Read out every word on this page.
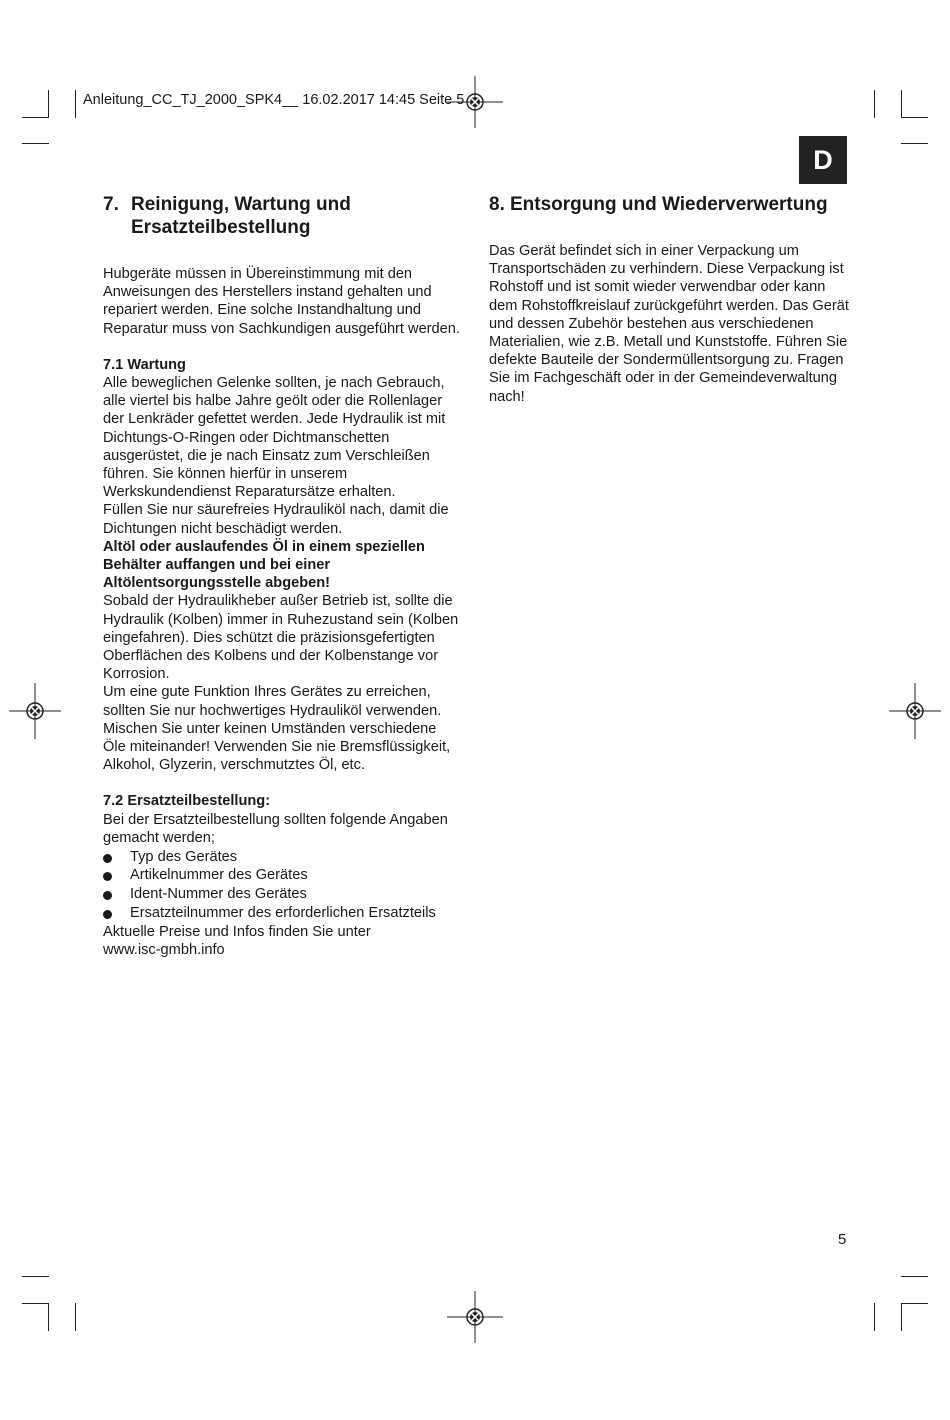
Anleitung_CC_TJ_2000_SPK4__ 16.02.2017 14:45 Seite 5
D
7. Reinigung, Wartung und Ersatzteilbestellung

Hubgeräte müssen in Übereinstimmung mit den Anweisungen des Herstellers instand gehalten und repariert werden. Eine solche Instandhaltung und Reparatur muss von Sachkundigen ausgeführt werden.

7.1 Wartung

Alle beweglichen Gelenke sollten, je nach Gebrauch, alle viertel bis halbe Jahre geölt oder die Rollenlager der Lenkräder gefettet werden. Jede Hydraulik ist mit Dichtungs-O-Ringen oder Dichtmanschetten ausgerüstet, die je nach Einsatz zum Verschleißen führen. Sie können hierfür in unserem Werkskundendienst Reparatursätze erhalten.

Füllen Sie nur säurefreies Hydrauliköl nach, damit die Dichtungen nicht beschädigt werden.

Altöl oder auslaufendes Öl in einem speziellen Behälter auffangen und bei einer Altölentsorgungsstelle abgeben!

Sobald der Hydraulikheber außer Betrieb ist, sollte die Hydraulik (Kolben) immer in Ruhezustand sein (Kolben eingefahren). Dies schützt die präzisionsgefertigten Oberflächen des Kolbens und der Kolbenstange vor Korrosion.

Um eine gute Funktion Ihres Gerätes zu erreichen, sollten Sie nur hochwertiges Hydrauliköl verwenden. Mischen Sie unter keinen Umständen verschiedene Öle miteinander! Verwenden Sie nie Bremsflüssigkeit, Alkohol, Glyzerin, verschmutztes Öl, etc.

7.2 Ersatzteilbestellung:

Bei der Ersatzteilbestellung sollten folgende Angaben gemacht werden;

Typ des Gerätes
Artikelnummer des Gerätes
Ident-Nummer des Gerätes
Ersatzteilnummer des erforderlichen Ersatzteils

Aktuelle Preise und Infos finden Sie unter

www.isc-gmbh.info

8. Entsorgung und Wiederverwertung

Das Gerät befindet sich in einer Verpackung um Transportschäden zu verhindern. Diese Verpackung ist Rohstoff und ist somit wieder verwendbar oder kann dem Rohstoffkreislauf zurückgeführt werden. Das Gerät und dessen Zubehör bestehen aus verschiedenen Materialien, wie z.B. Metall und Kunststoffe. Führen Sie defekte Bauteile der Sondermüllentsorgung zu. Fragen Sie im Fachgeschäft oder in der Gemeindeverwaltung nach!

5
